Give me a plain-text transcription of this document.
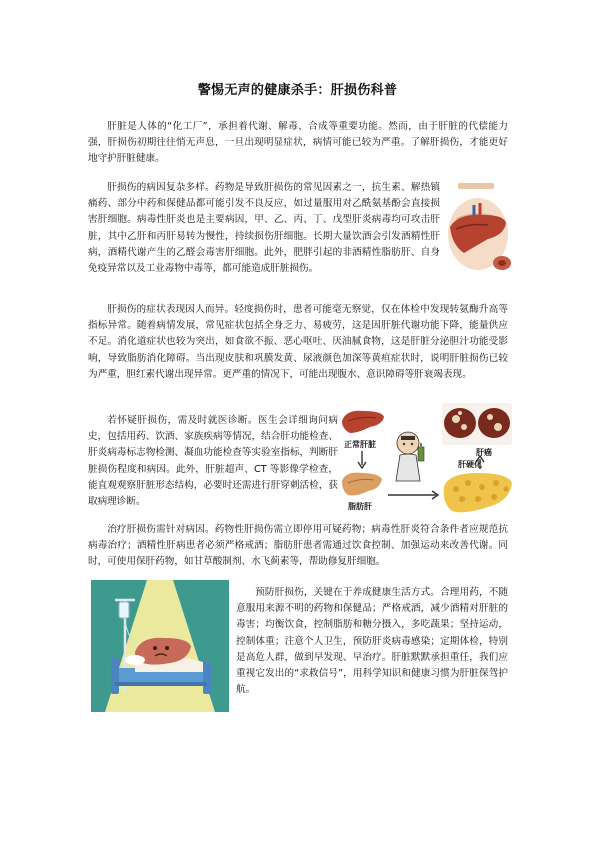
警惕无声的健康杀手：肝损伤科普

肝脏是人体的“化工厂”，承担着代谢、解毒、合成等重要功能。然而，由于肝脏的代偿能力强，肝损伤初期往往悄无声息，一旦出现明显症状，病情可能已较为严重。了解肝损伤，才能更好地守护肝脏健康。

肝损伤的病因复杂多样。药物是导致肝损伤的常见因素之一，抗生素、解热镇痛药、部分中药和保健品都可能引发不良反应，如过量服用对乙酰氨基酚会直接损害肝细胞。病毒性肝炎也是主要病因，甲、乙、丙、丁、戊型肝炎病毒均可攻击肝脏，其中乙肝和丙肝易转为慢性，持续损伤肝细胞。长期大量饮酒会引发酒精性肝病，酒精代谢产生的乙醛会毒害肝细胞。此外，肥胖引起的非酒精性脂肪肝、自身免疫异常以及工业毒物中毒等，都可能造成肝脏损伤。

肝损伤的症状表现因人而异。轻度损伤时，患者可能毫无察觉，仅在体检中发现转氨酶升高等指标异常。随着病情发展，常见症状包括全身乏力、易疲劳，这是因肝脏代谢功能下降，能量供应不足。消化道症状也较为突出，如食欲不振、恶心呕吐、厌油腻食物，这是肝脏分泌胆汁功能受影响，导致脂肪消化障碍。当出现皮肤和巩膜发黄、尿液颜色加深等黄疸症状时，说明肝脏损伤已较为严重，胆红素代谢出现异常。更严重的情况下，可能出现腹水、意识障碍等肝衰竭表现。

若怀疑肝损伤，需及时就医诊断。医生会详细询问病史，包括用药、饮酒、家族疾病等情况，结合肝功能检查、肝炎病毒标志物检测、凝血功能检查等实验室指标，判断肝脏损伤程度和病因。此外，肝脏超声、CT 等影像学检查，能直观观察肝脏形态结构，必要时还需进行肝穿刺活检，获取病理诊断。

正常肝脏
肝癌
脂肪肝
肝硬化

治疗肝损伤需针对病因。药物性肝损伤需立即停用可疑药物；病毒性肝炎符合条件者应规范抗病毒治疗；酒精性肝病患者必须严格戒酒；脂肪肝患者需通过饮食控制、加强运动来改善代谢。同时，可使用保肝药物，如甘草酸制剂、水飞蓟素等，帮助修复肝细胞。

预防肝损伤，关键在于养成健康生活方式。合理用药，不随意服用来源不明的药物和保健品；严格戒酒，减少酒精对肝脏的毒害；均衡饮食，控制脂肪和糖分摄入，多吃蔬果；坚持运动，控制体重；注意个人卫生，预防肝炎病毒感染；定期体检，特别是高危人群，做到早发现、早治疗。肝脏默默承担重任，我们应重视它发出的“求救信号”，用科学知识和健康习惯为肝脏保驾护航。
